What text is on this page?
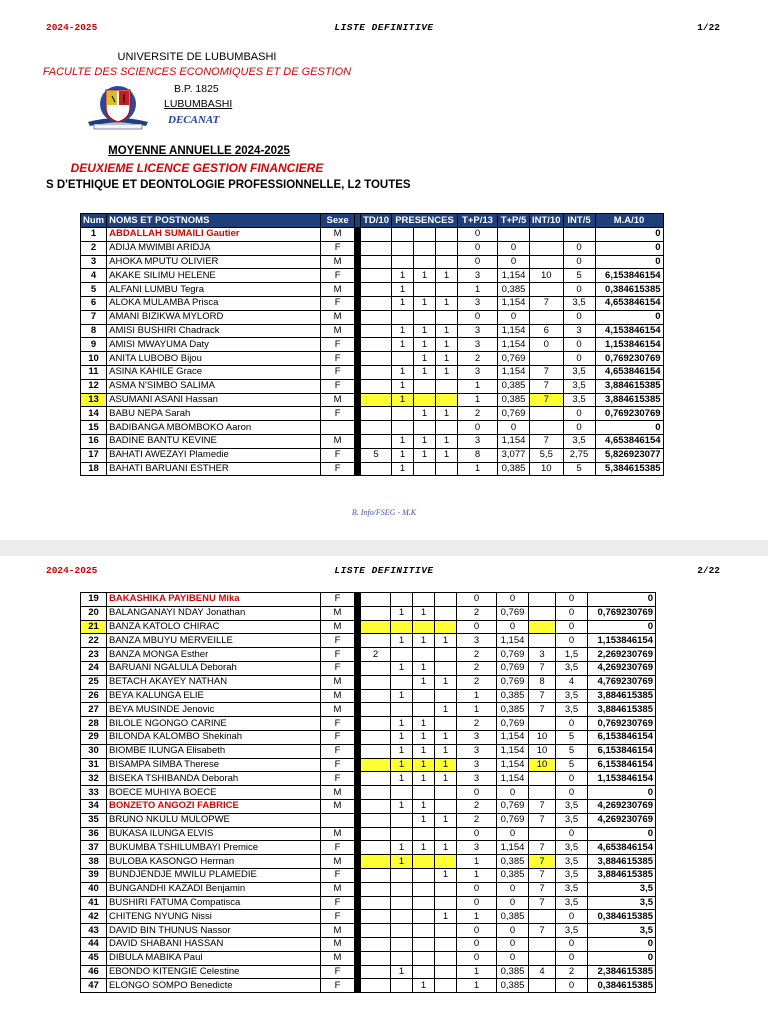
2024-2025	LISTE DEFINITIVE	1/22
UNIVERSITE DE LUBUMBASHI
FACULTE DES SCIENCES ECONOMIQUES ET DE GESTION
B.P. 1825
LUBUMBASHI
DECANAT
MOYENNE ANNUELLE 2024-2025
DEUXIEME LICENCE GESTION FINANCIERE
S D'ETHIQUE ET DEONTOLOGIE PROFESSIONNELLE, L2 TOUTES
Num	NOMS ET POSTNOMS	Sexe		TD/10	PRESENCES			T+P/13	T+P/5	INT/10	INT/5	M.A/10
1	ABDALLAH SUMAILI Gautier	M						0				0
2	ADIJA MWIMBI ARIDJA	F						0	0		0	0
3	AHOKA MPUTU OLIVIER	M						0	0		0	0
4	AKAKE SILIMU HELENE	F			1	1	1	3	1,154	10	5	6,153846154
5	ALFANI LUMBU Tegra	M			1			1	0,385		0	0,384615385
6	ALOKA MULAMBA Prisca	F			1	1	1	3	1,154	7	3,5	4,653846154
7	AMANI BIZIKWA MYLORD	M						0	0		0	0
8	AMISI BUSHIRI Chadrack	M			1	1	1	3	1,154	6	3	4,153846154
9	AMISI MWAYUMA Daty	F			1	1	1	3	1,154	0	0	1,153846154
10	ANITA LUBOBO Bijou	F				1	1	2	0,769		0	0,769230769
11	ASINA KAHILE Grace	F			1	1	1	3	1,154	7	3,5	4,653846154
12	ASMA N'SIMBO SALIMA	F			1			1	0,385	7	3,5	3,884615385
13	ASUMANI ASANI Hassan	M			1			1	0,385	7	3,5	3,884615385
14	BABU NEPA Sarah	F				1	1	2	0,769		0	0,769230769
15	BADIBANGA MBOMBOKO Aaron							0	0		0	0
16	BADINE BANTU KEVINE	M			1	1	1	3	1,154	7	3,5	4,653846154
17	BAHATI AWEZAYI Plamedie	F		5	1	1	1	8	3,077	5,5	2,75	5,826923077
18	BAHATI BARUANI ESTHER	F			1			1	0,385	10	5	5,384615385
B. Info/FSEG - M.K
2024-2025	LISTE DEFINITIVE	2/22
19	BAKASHIKA PAYIBENU Mika	F						0	0		0	0
20	BALANGANAYI NDAY Jonathan	M			1	1		2	0,769		0	0,769230769
21	BANZA KATOLO CHIRAC	M						0	0		0	0
22	BANZA MBUYU MERVEILLE	F			1	1	1	3	1,154		0	1,153846154
23	BANZA MONGA Esther	F		2				2	0,769	3	1,5	2,269230769
24	BARUANI NGALULA Deborah	F			1	1		2	0,769	7	3,5	4,269230769
25	BETACH AKAYEY NATHAN	M				1	1	2	0,769	8	4	4,769230769
26	BEYA KALUNGA ELIE	M			1			1	0,385	7	3,5	3,884615385
27	BEYA MUSINDE Jenovic	M					1	1	0,385	7	3,5	3,884615385
28	BILOLE NGONGO CARINE	F			1	1		2	0,769		0	0,769230769
29	BILONDA KALOMBO Shekinah	F			1	1	1	3	1,154	10	5	6,153846154
30	BIOMBE ILUNGA Elisabeth	F			1	1	1	3	1,154	10	5	6,153846154
31	BISAMPA SIMBA Therese	F			1	1	1	3	1,154	10	5	6,153846154
32	BISEKA TSHIBANDA Deborah	F			1	1	1	3	1,154		0	1,153846154
33	BOECE MUHIYA BOECE	M						0	0		0	0
34	BONZETO ANGOZI FABRICE	M			1	1		2	0,769	7	3,5	4,269230769
35	BRUNO NKULU MULOPWE					1	1	2	0,769	7	3,5	4,269230769
36	BUKASA ILUNGA ELVIS	M						0	0		0	0
37	BUKUMBA TSHILUMBAYI Premice	F			1	1	1	3	1,154	7	3,5	4,653846154
38	BULOBA KASONGO Herman	M			1			1	0,385	7	3,5	3,884615385
39	BUNDJENDJE MWILU PLAMEDIE	F					1	1	0,385	7	3,5	3,884615385
40	BUNGANDHI KAZADI Benjamin	M						0	0	7	3,5	3,5
41	BUSHIRI FATUMA Compatisca	F						0	0	7	3,5	3,5
42	CHITENG NYUNG Nissi	F					1	1	0,385		0	0,384615385
43	DAVID BIN THUNUS Nassor	M						0	0	7	3,5	3,5
44	DAVID SHABANI HASSAN	M						0	0		0	0
45	DIBULA MABIKA Paul	M						0	0		0	0
46	EBONDO KITENGIE Celestine	F			1			1	0,385	4	2	2,384615385
47	ELONGO SOMPO Benedicte	F				1		1	0,385		0	0,384615385
